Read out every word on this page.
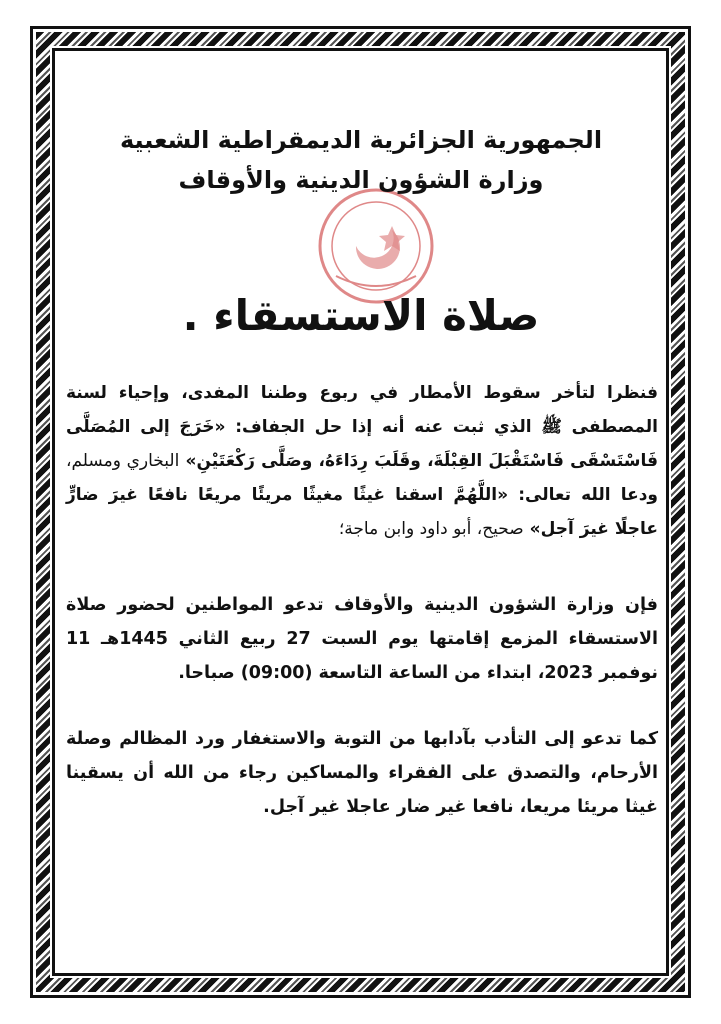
الجمهورية الجزائرية الديمقراطية الشعبية

وزارة الشؤون الدينية والأوقاف

صلاة الاستسقاء .

فنظرا لتأخر سقوط الأمطار في ربوع وطننا المفدى، وإحياء لسنة المصطفى ﷺ الذي ثبت عنه أنه إذا حل الجفاف: «خَرَجَ إلى المُصَلَّى فَاسْتَسْقَى فَاسْتَقْبَلَ القِبْلَةَ، وقَلَبَ رِدَاءَهُ، وصَلَّى رَكْعَتَيْنِ» البخاري ومسلم، ودعا الله تعالى: «اللَّهُمَّ اسقنا غيثًا مغيثًا مريئًا مريعًا نافعًا غيرَ ضارٍّ عاجلًا غيرَ آجل» صحيح، أبو داود وابن ماجة؛
فإن وزارة الشؤون الدينية والأوقاف تدعو المواطنين لحضور صلاة الاستسقاء المزمع إقامتها يوم السبت 27 ربيع الثاني 1445هـ 11 نوفمبر 2023، ابتداء من الساعة التاسعة (09:00) صباحا.
كما تدعو إلى التأدب بآدابها من التوبة والاستغفار ورد المظالم وصلة الأرحام، والتصدق على الفقراء والمساكين رجاء من الله أن يسقينا غيثا مريئا مريعا، نافعا غير ضار عاجلا غير آجل.
